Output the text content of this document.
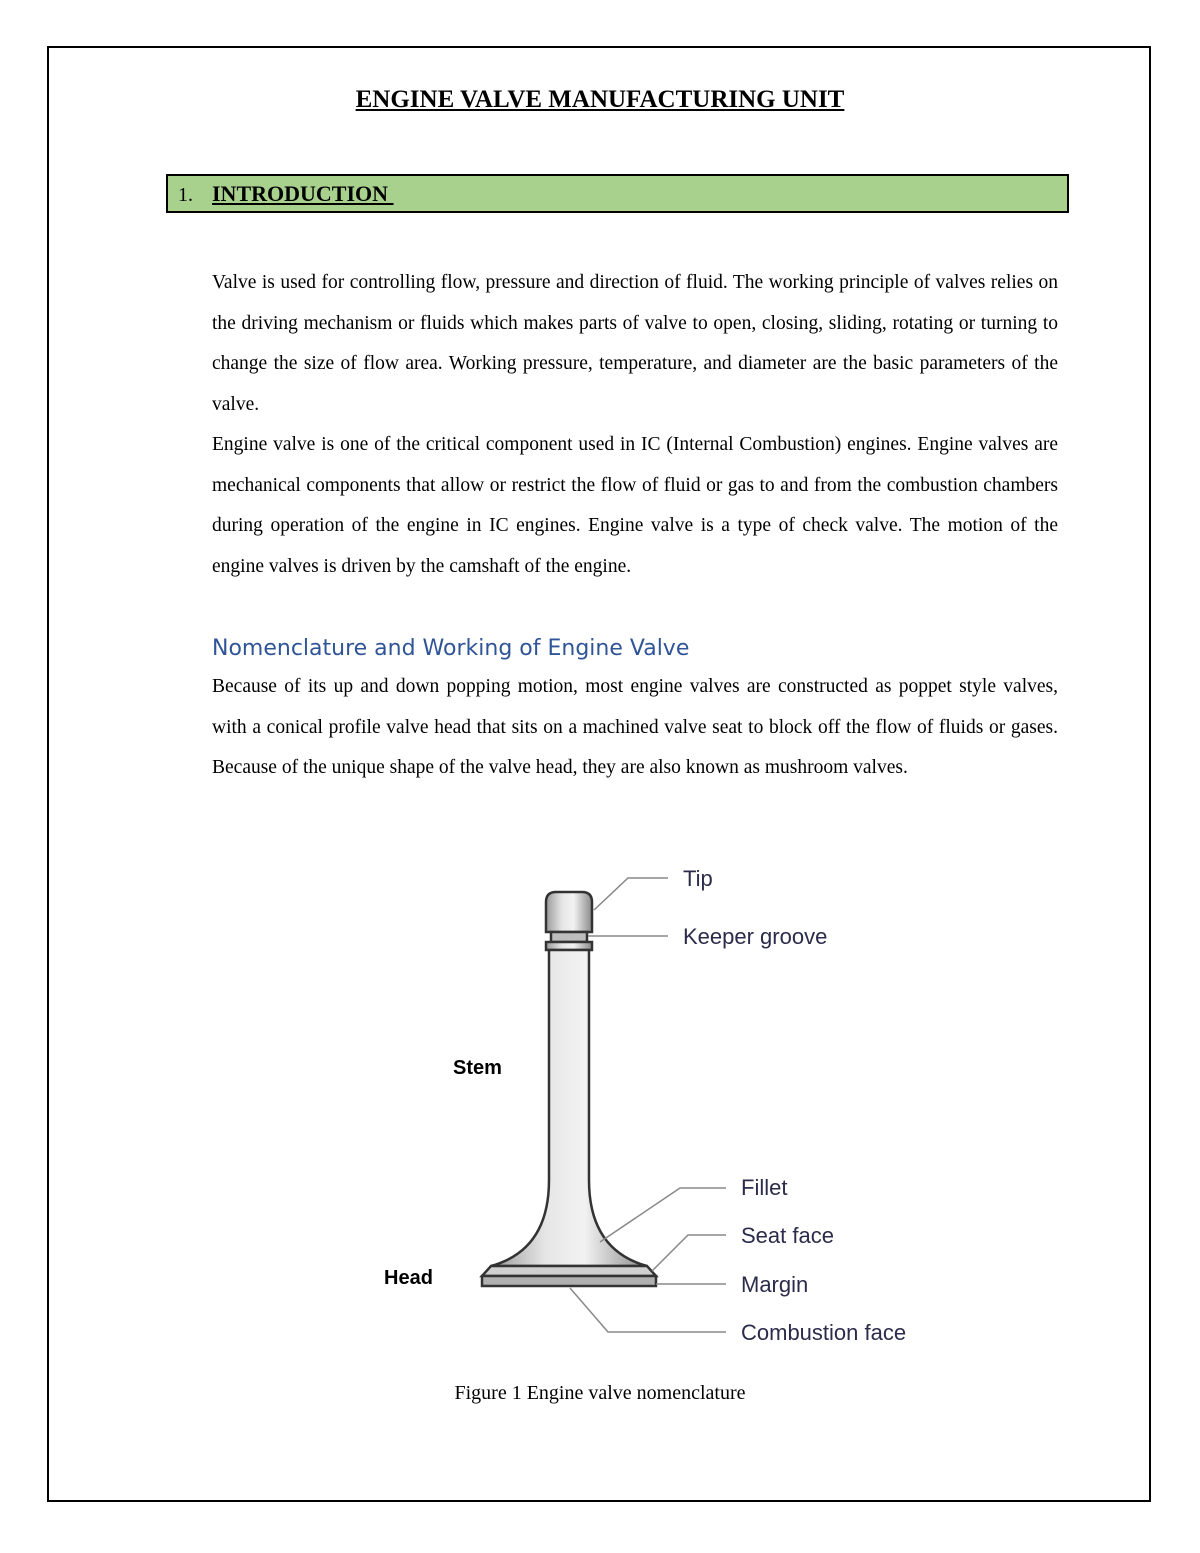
ENGINE VALVE MANUFACTURING UNIT
1. INTRODUCTION

Valve is used for controlling flow, pressure and direction of fluid. The working principle of valves relies on the driving mechanism or fluids which makes parts of valve to open, closing, sliding, rotating or turning to change the size of flow area. Working pressure, temperature, and diameter are the basic parameters of the valve.

Engine valve is one of the critical component used in IC (Internal Combustion) engines. Engine valves are mechanical components that allow or restrict the flow of fluid or gas to and from the combustion chambers during operation of the engine in IC engines. Engine valve is a type of check valve. The motion of the engine valves is driven by the camshaft of the engine.

Nomenclature and Working of Engine Valve

Because of its up and down popping motion, most engine valves are constructed as poppet style valves, with a conical profile valve head that sits on a machined valve seat to block off the flow of fluids or gases. Because of the unique shape of the valve head, they are also known as mushroom valves.

Tip
Keeper groove
Stem
Fillet
Seat face
Head	Margin
Combustion face

Figure 1 Engine valve nomenclature
